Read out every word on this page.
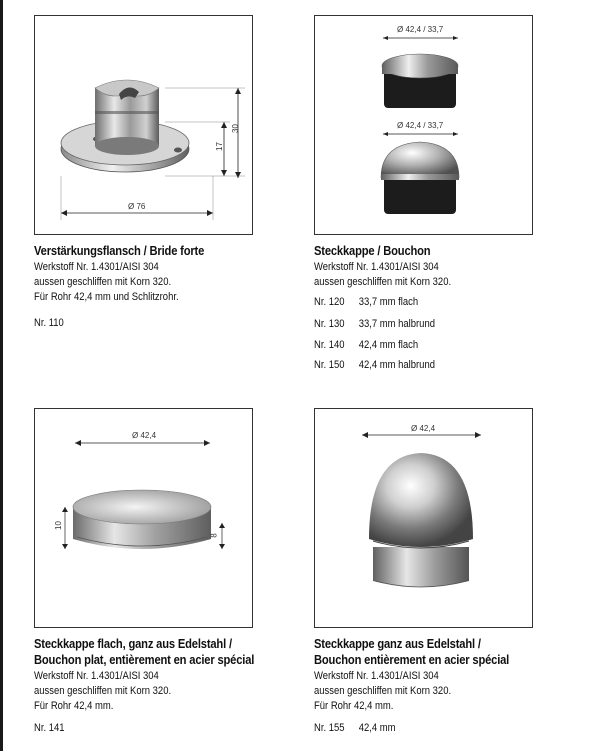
Ø 76
30
17
Verstärkungsflansch / Bride forte
Werkstoff Nr. 1.4301/AISI 304
aussen geschliffen mit Korn 320.
Für Rohr 42,4 mm und Schlitzrohr.
Nr. 110
Ø 42,4 / 33,7
Ø 42,4 / 33,7
Steckkappe / Bouchon
Werkstoff Nr. 1.4301/AISI 304
aussen geschliffen mit Korn 320.
Nr. 120 33,7 mm flach
Nr. 130 33,7 mm halbrund
Nr. 140 42,4 mm flach
Nr. 150 42,4 mm halbrund
Ø 42,4
10
8
Steckkappe flach, ganz aus Edelstahl /
Bouchon plat, entièrement en acier spécial
Werkstoff Nr. 1.4301/AISI 304
aussen geschliffen mit Korn 320.
Für Rohr 42,4 mm.
Nr. 141
Ø 42,4
Steckkappe ganz aus Edelstahl /
Bouchon entièrement en acier spécial
Werkstoff Nr. 1.4301/AISI 304
aussen geschliffen mit Korn 320.
Für Rohr 42,4 mm.
Nr. 155 42,4 mm
